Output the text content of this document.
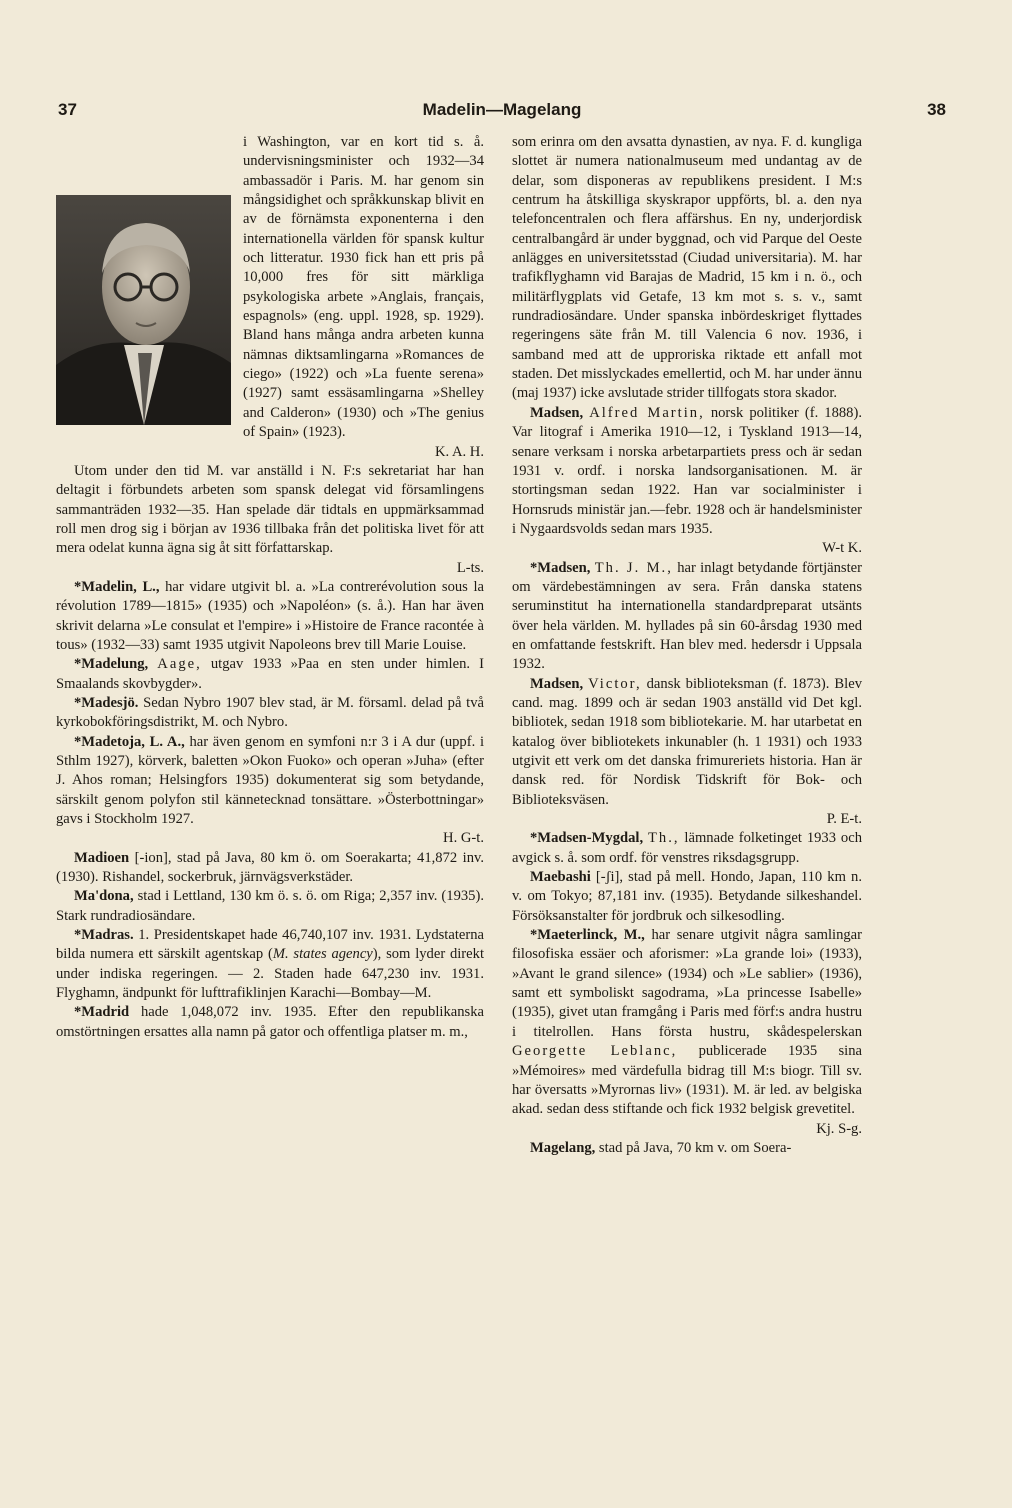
37	Madelin—Magelang	38

i Washington, var en kort tid s. å. undervisningsminister och 1932—34 ambassadör i Paris. M. har genom sin mångsidighet och språkkunskap blivit en av de förnämsta exponenterna i den internationella världen för spansk kultur och litteratur. 1930 fick han ett pris på 10,000 fres för sitt märkliga psykologiska arbete »Anglais, français, espagnols» (eng. uppl. 1928, sp. 1929). Bland hans många andra arbeten kunna nämnas diktsamlingarna »Romances de ciego» (1922) och »La fuente serena» (1927) samt essäsamlingarna »Shelley and Calderon» (1930) och »The genius of Spain» (1923).

K. A. H.

Utom under den tid M. var anställd i N. F:s sekretariat har han deltagit i förbundets arbeten som spansk delegat vid församlingens sammanträden 1932—35. Han spelade där tidtals en uppmärksammad roll men drog sig i början av 1936 tillbaka från det politiska livet för att mera odelat kunna ägna sig åt sitt författarskap.

L-ts.

*Madelin, L., har vidare utgivit bl. a. »La contrerévolution sous la révolution 1789—1815» (1935) och »Napoléon» (s. å.). Han har även skrivit delarna »Le consulat et l'empire» i »Histoire de France racontée à tous» (1932—33) samt 1935 utgivit Napoleons brev till Marie Louise.

*Madelung, Aage, utgav 1933 »Paa en sten under himlen. I Smaalands skovbygder».

*Madesjö. Sedan Nybro 1907 blev stad, är M. församl. delad på två kyrkobokföringsdistrikt, M. och Nybro.

*Madetoja, L. A., har även genom en symfoni n:r 3 i A dur (uppf. i Sthlm 1927), körverk, baletten »Okon Fuoko» och operan »Juha» (efter J. Ahos roman; Helsingfors 1935) dokumenterat sig som betydande, särskilt genom polyfon stil kännetecknad tonsättare. »Österbottningar» gavs i Stockholm 1927.

H. G-t.

Madioen [-ion], stad på Java, 80 km ö. om Soerakarta; 41,872 inv. (1930). Rishandel, sockerbruk, järnvägsverkstäder.

Ma'dona, stad i Lettland, 130 km ö. s. ö. om Riga; 2,357 inv. (1935). Stark rundradiosändare.

*Madras. 1. Presidentskapet hade 46,740,107 inv. 1931. Lydstaterna bilda numera ett särskilt agentskap (M. states agency), som lyder direkt under indiska regeringen. — 2. Staden hade 647,230 inv. 1931. Flyghamn, ändpunkt för lufttrafiklinjen Karachi—Bombay—M.

*Madrid hade 1,048,072 inv. 1935. Efter den republikanska omstörtningen ersattes alla namn på gator och offentliga platser m. m.,

som erinra om den avsatta dynastien, av nya. F. d. kungliga slottet är numera nationalmuseum med undantag av de delar, som disponeras av republikens president. I M:s centrum ha åtskilliga skyskrapor uppförts, bl. a. den nya telefoncentralen och flera affärshus. En ny, underjordisk centralbangård är under byggnad, och vid Parque del Oeste anlägges en universitetsstad (Ciudad universitaria). M. har trafikflyghamn vid Barajas de Madrid, 15 km i n. ö., och militärflygplats vid Getafe, 13 km mot s. s. v., samt rundradiosändare. Under spanska inbördeskriget flyttades regeringens säte från M. till Valencia 6 nov. 1936, i samband med att de upproriska riktade ett anfall mot staden. Det misslyckades emellertid, och M. har under ännu (maj 1937) icke avslutade strider tillfogats stora skador.

Madsen, Alfred Martin, norsk politiker (f. 1888). Var litograf i Amerika 1910—12, i Tyskland 1913—14, senare verksam i norska arbetarpartiets press och är sedan 1931 v. ordf. i norska landsorganisationen. M. är stortingsman sedan 1922. Han var socialminister i Hornsruds ministär jan.—febr. 1928 och är handelsminister i Nygaardsvolds sedan mars 1935.

W-t K.

*Madsen, Th. J. M., har inlagt betydande förtjänster om värdebestämningen av sera. Från danska statens seruminstitut ha internationella standardpreparat utsänts över hela världen. M. hyllades på sin 60-årsdag 1930 med en omfattande festskrift. Han blev med. hedersdr i Uppsala 1932.

Madsen, Victor, dansk biblioteksman (f. 1873). Blev cand. mag. 1899 och är sedan 1903 anställd vid Det kgl. bibliotek, sedan 1918 som bibliotekarie. M. har utarbetat en katalog över bibliotekets inkunabler (h. 1 1931) och 1933 utgivit ett verk om det danska frimureriets historia. Han är dansk red. för Nordisk Tidskrift för Bok- och Biblioteksväsen.

P. E-t.

*Madsen-Mygdal, Th., lämnade folketinget 1933 och avgick s. å. som ordf. för venstres riksdagsgrupp.

Maebashi [-ʃi], stad på mell. Hondo, Japan, 110 km n. v. om Tokyo; 87,181 inv. (1935). Betydande silkeshandel. Försöksanstalter för jordbruk och silkesodling.

*Maeterlinck, M., har senare utgivit några samlingar filosofiska essäer och aforismer: »La grande loi» (1933), »Avant le grand silence» (1934) och »Le sablier» (1936), samt ett symboliskt sagodrama, »La princesse Isabelle» (1935), givet utan framgång i Paris med förf:s andra hustru i titelrollen. Hans första hustru, skådespelerskan Georgette Leblanc, publicerade 1935 sina »Mémoires» med värdefulla bidrag till M:s biogr. Till sv. har översatts »Myrornas liv» (1931). M. är led. av belgiska akad. sedan dess stiftande och fick 1932 belgisk grevetitel.

Kj. S-g.

Magelang, stad på Java, 70 km v. om Soera-
